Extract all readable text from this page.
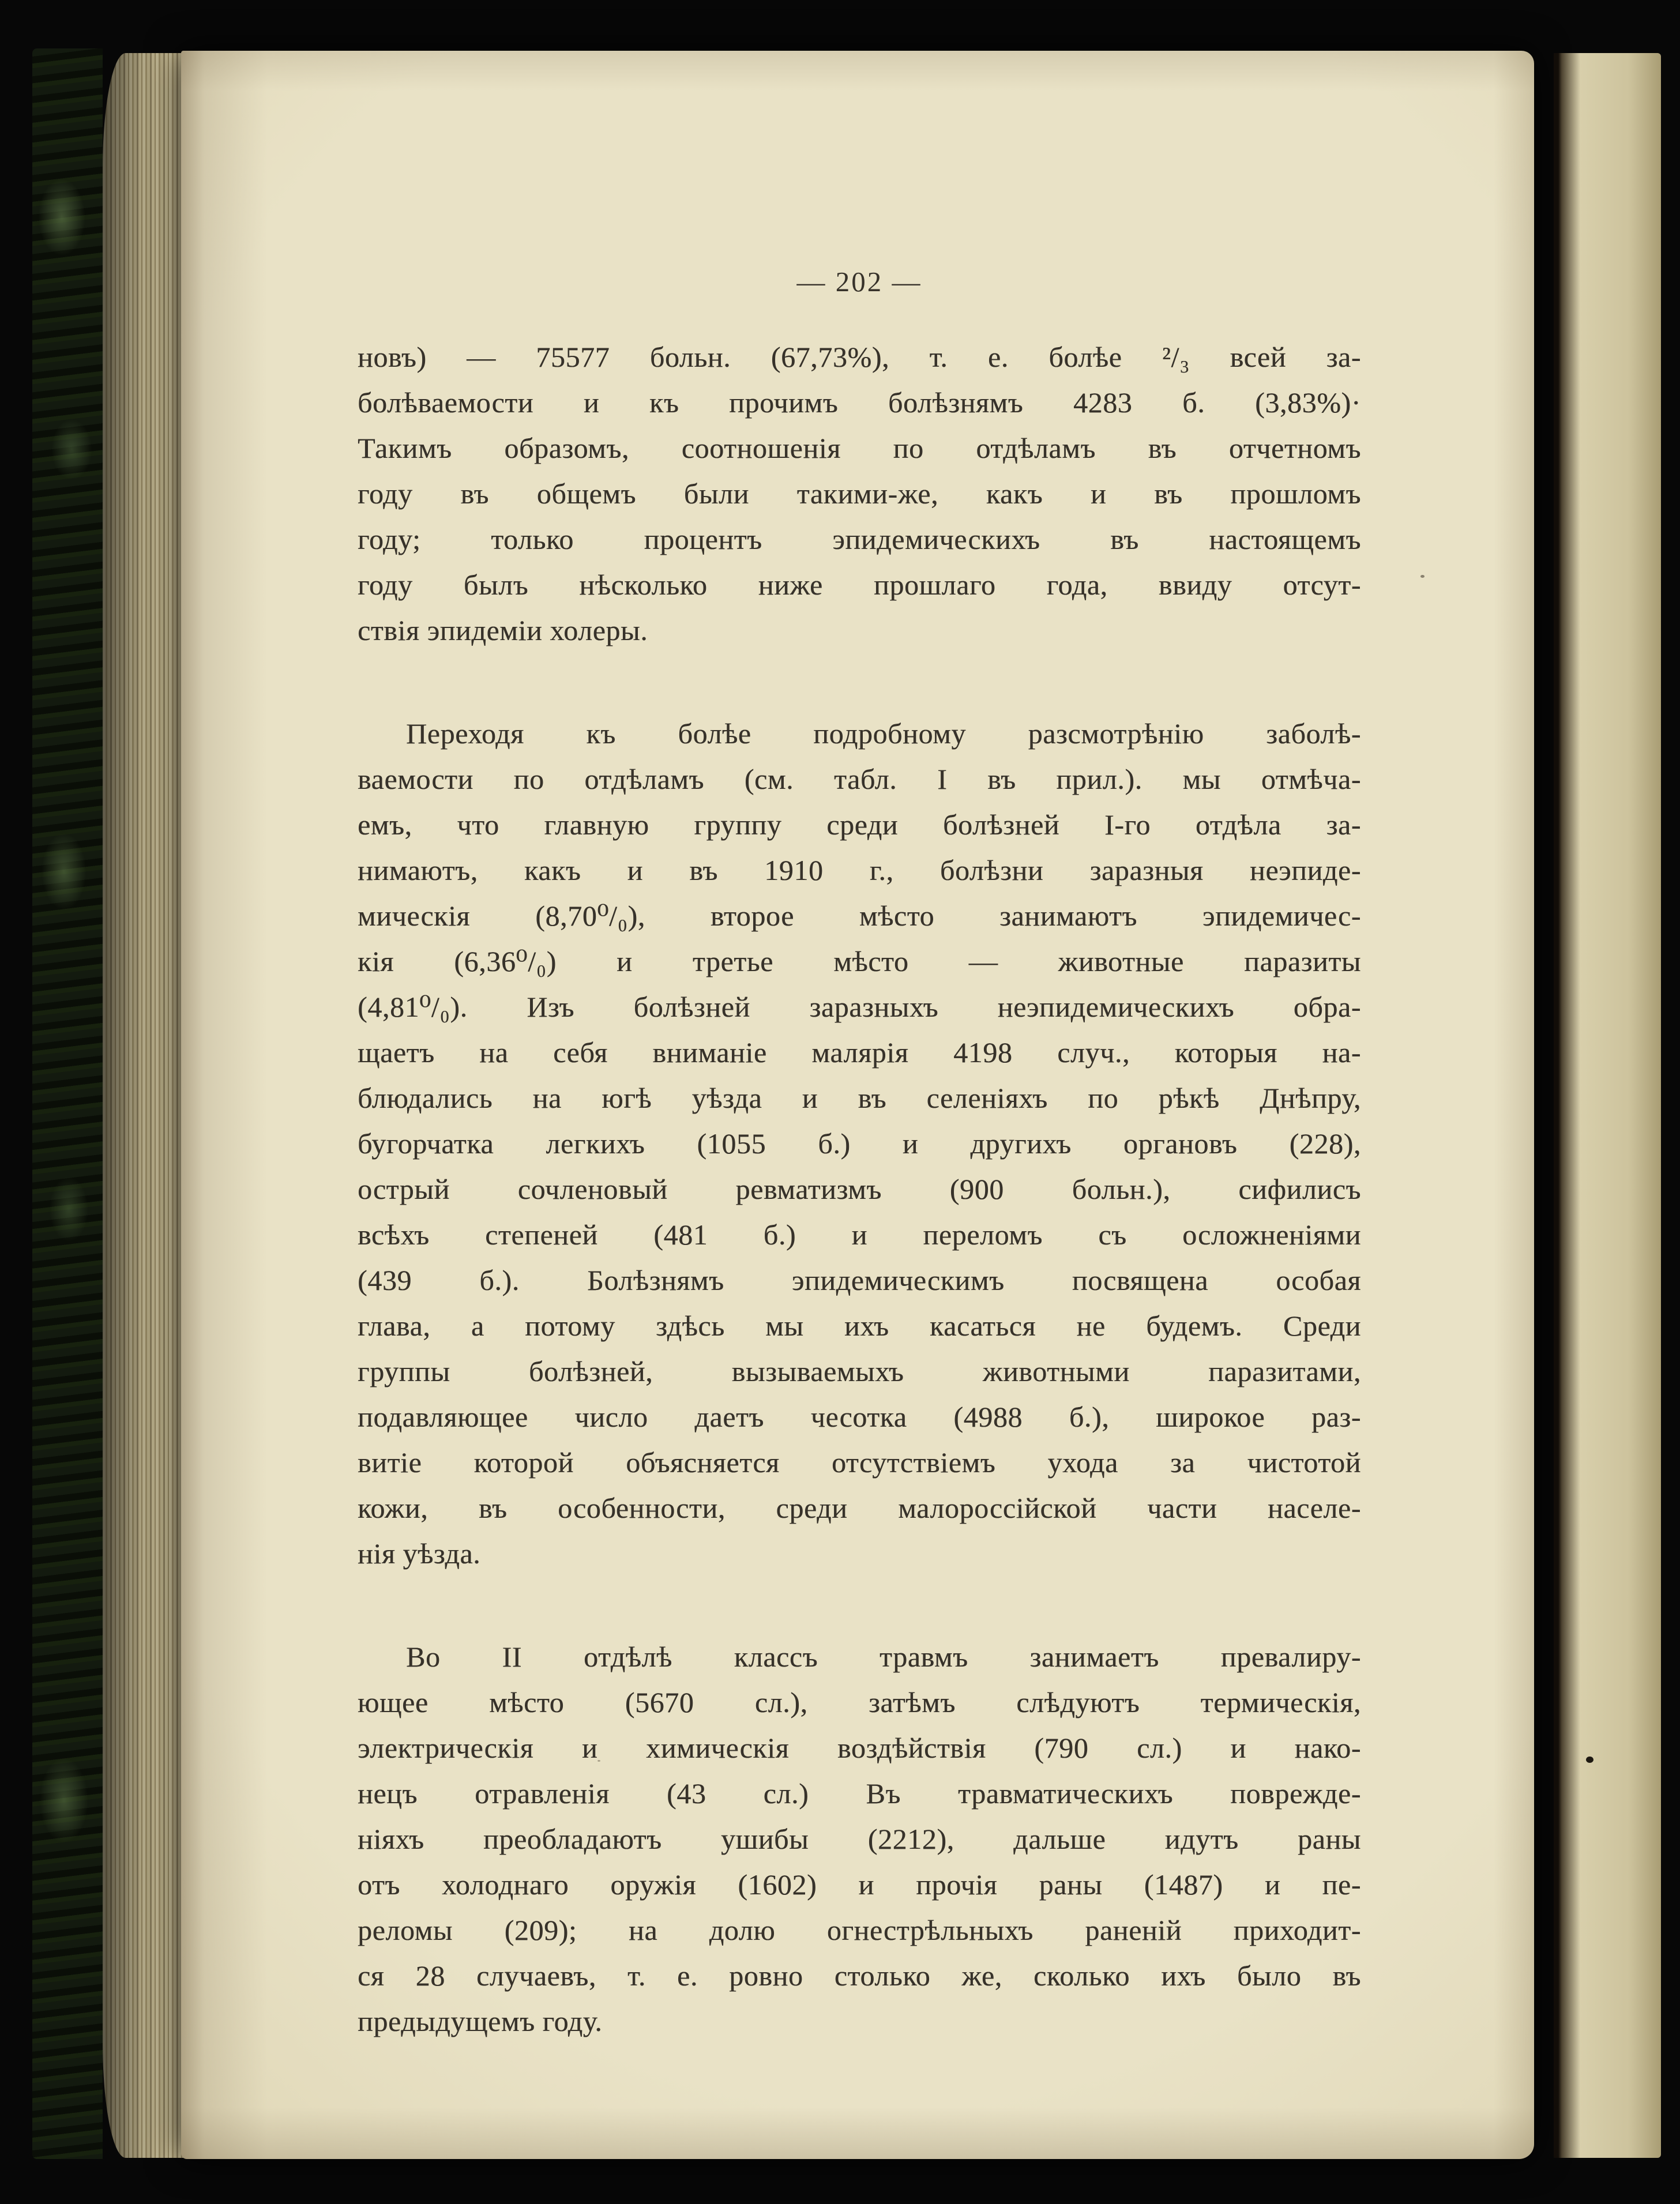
— 202 —
новъ) — 75577 больн. (67,73%), т. е. болѣе ²/₃ всей за-
болѣваемости и къ прочимъ болѣзнямъ 4283 б. (3,83%)·
Такимъ образомъ, соотношенія по отдѣламъ въ отчетномъ
году въ общемъ были такими-же, какъ и въ прошломъ
году; только процентъ эпидемическихъ въ настоящемъ
году былъ нѣсколько ниже прошлаго года, ввиду отсут-
ствія эпидеміи холеры.
Переходя къ болѣе подробному разсмотрѣнію заболѣ-
ваемости по отдѣламъ (см. табл. I въ прил.). мы отмѣча-
емъ, что главную группу среди болѣзней I-го отдѣла за-
нимаютъ, какъ и въ 1910 г., болѣзни заразныя неэпиде-
мическія (8,70⁰/₀), второе мѣсто занимаютъ эпидемичес-
кія (6,36⁰/₀) и третье мѣсто — животные паразиты
(4,81⁰/₀). Изъ болѣзней заразныхъ неэпидемическихъ обра-
щаетъ на себя вниманіе малярія 4198 случ., которыя на-
блюдались на югѣ уѣзда и въ селеніяхъ по рѣкѣ Днѣпру,
бугорчатка легкихъ (1055 б.) и другихъ органовъ (228),
острый сочленовый ревматизмъ (900 больн.), сифилисъ
всѣхъ степеней (481 б.) и переломъ съ осложненіями
(439 б.). Болѣзнямъ эпидемическимъ посвящена особая
глава, а потому здѣсь мы ихъ касаться не будемъ. Среди
группы болѣзней, вызываемыхъ животными паразитами,
подавляющее число даетъ чесотка (4988 б.), широкое раз-
витіе которой объясняется отсутствіемъ ухода за чистотой
кожи, въ особенности, среди малороссійской части населе-
нія уѣзда.
Во II отдѣлѣ классъ травмъ занимаетъ превалиру-
ющее мѣсто (5670 сл.), затѣмъ слѣдуютъ термическія,
электрическія и химическія воздѣйствія (790 сл.) и нако-
нецъ отравленія (43 сл.) Въ травматическихъ поврежде-
ніяхъ преобладаютъ ушибы (2212), дальше идутъ раны
отъ холоднаго оружія (1602) и прочія раны (1487) и пе-
реломы (209); на долю огнестрѣльныхъ раненій приходит-
ся 28 случаевъ, т. е. ровно столько же, сколько ихъ было въ
предыдущемъ году.
